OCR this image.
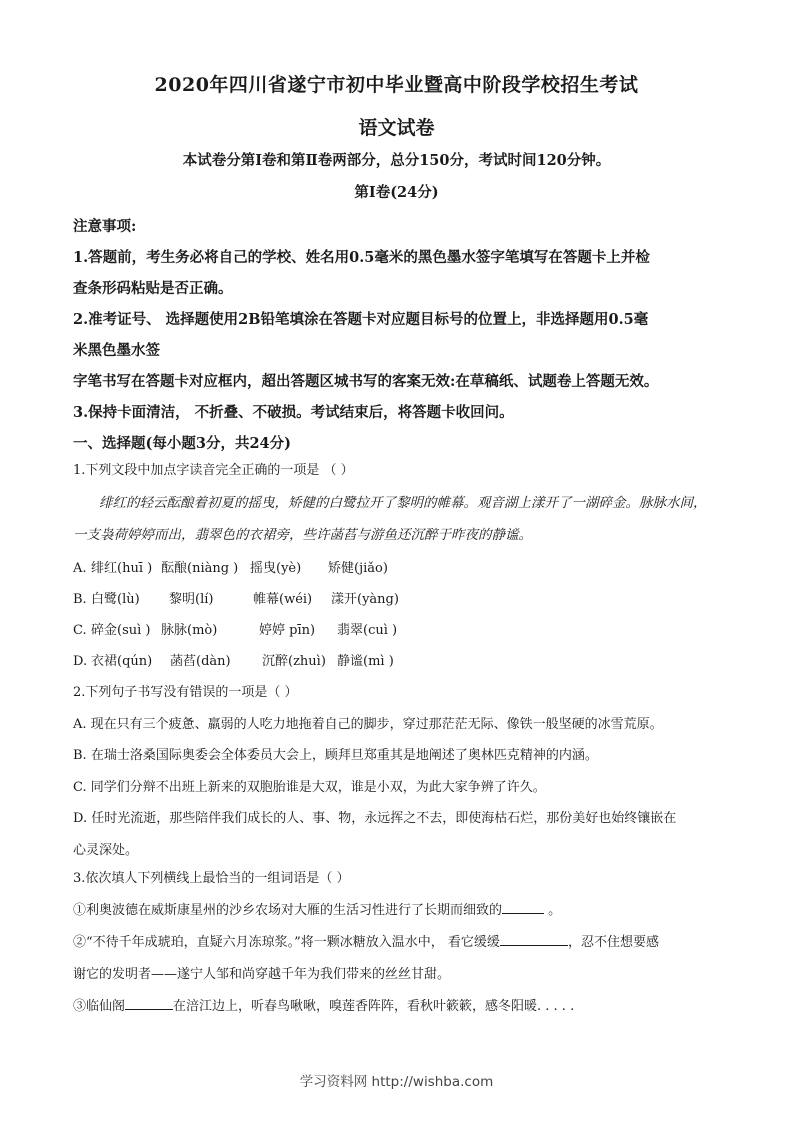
2020年四川省遂宁市初中毕业暨高中阶段学校招生考试
语文试卷
本试卷分第Ⅰ卷和第Ⅱ卷两部分，总分150分，考试时间120分钟。
第Ⅰ卷(24分)
注意事项:
1.答题前，考生务必将自己的学校、姓名用0.5毫米的黑色墨水签字笔填写在答题卡上并检
查条形码粘贴是否正确。
2.准考证号、 选择题使用2B铅笔填涂在答题卡对应题目标号的位置上，非选择题用0.5毫
米黑色墨水签
字笔书写在答题卡对应框内，超出答题区城书写的客案无效:在草稿纸、试题卷上答题无效。
3.保持卡面清洁， 不折叠、不破损。考试结束后，将答题卡收回问。
一、选择题(每小题3分，共24分)
1.下列文段中加点字读音完全正确的一项是 （ ）
绯红的轻云酝酿着初夏的摇曳，矫健的白鹭拉开了黎明的帷幕。观音湖上漾开了一湖碎金。脉脉水间，
一支袅荷婷婷而出，翡翠色的衣裙旁，些许菡萏与游鱼还沉醉于昨夜的静谧。
A. 绯红(huī ) 酝酿(niàng ) 摇曳(yè) 矫健(jiǎo)
B. 白鹭(lù) 黎明(lí)	帷幕(wéi) 漾开(yàng)
C. 碎金(suì ) 脉脉(mò)	婷婷 pīn) 翡翠(cuì )
D. 衣裙(qún) 菡萏(dàn) 沉醉(zhuì) 静谧(mì )
2.下列句子书写没有错误的一项是（ ）
A. 现在只有三个疲惫、羸弱的人吃力地拖着自己的脚步，穿过那茫茫无际、像铁一般坚硬的冰雪荒原。
B. 在瑞士洛桑国际奥委会全体委员大会上，顾拜旦郑重其是地阐述了奥林匹克精神的内涵。
C. 同学们分辩不出班上新来的双胞胎谁是大双，谁是小双，为此大家争辨了许久。
D. 任时光流逝，那些陪伴我们成长的人、事、物，永远挥之不去，即使海枯石烂，那份美好也始终镶嵌在
心灵深处。
3.依次填人下列横线上最恰当的一组词语是（ ）
①利奥波德在威斯康星州的沙乡农场对大雁的生活习性进行了长期而细致的	。
②“不待千年成琥珀，直疑六月冻琼浆。”将一颗冰糖放入温水中， 看它缓缓	，忍不住想要感
谢它的发明者——遂宁人邹和尚穿越千年为我们带来的丝丝甘甜。
③临仙阁	在涪江边上，听春鸟啾啾，嗅莲香阵阵，看秋叶簌簌，感冬阳暖. . . . .
学习资料网 http://wishba.com
